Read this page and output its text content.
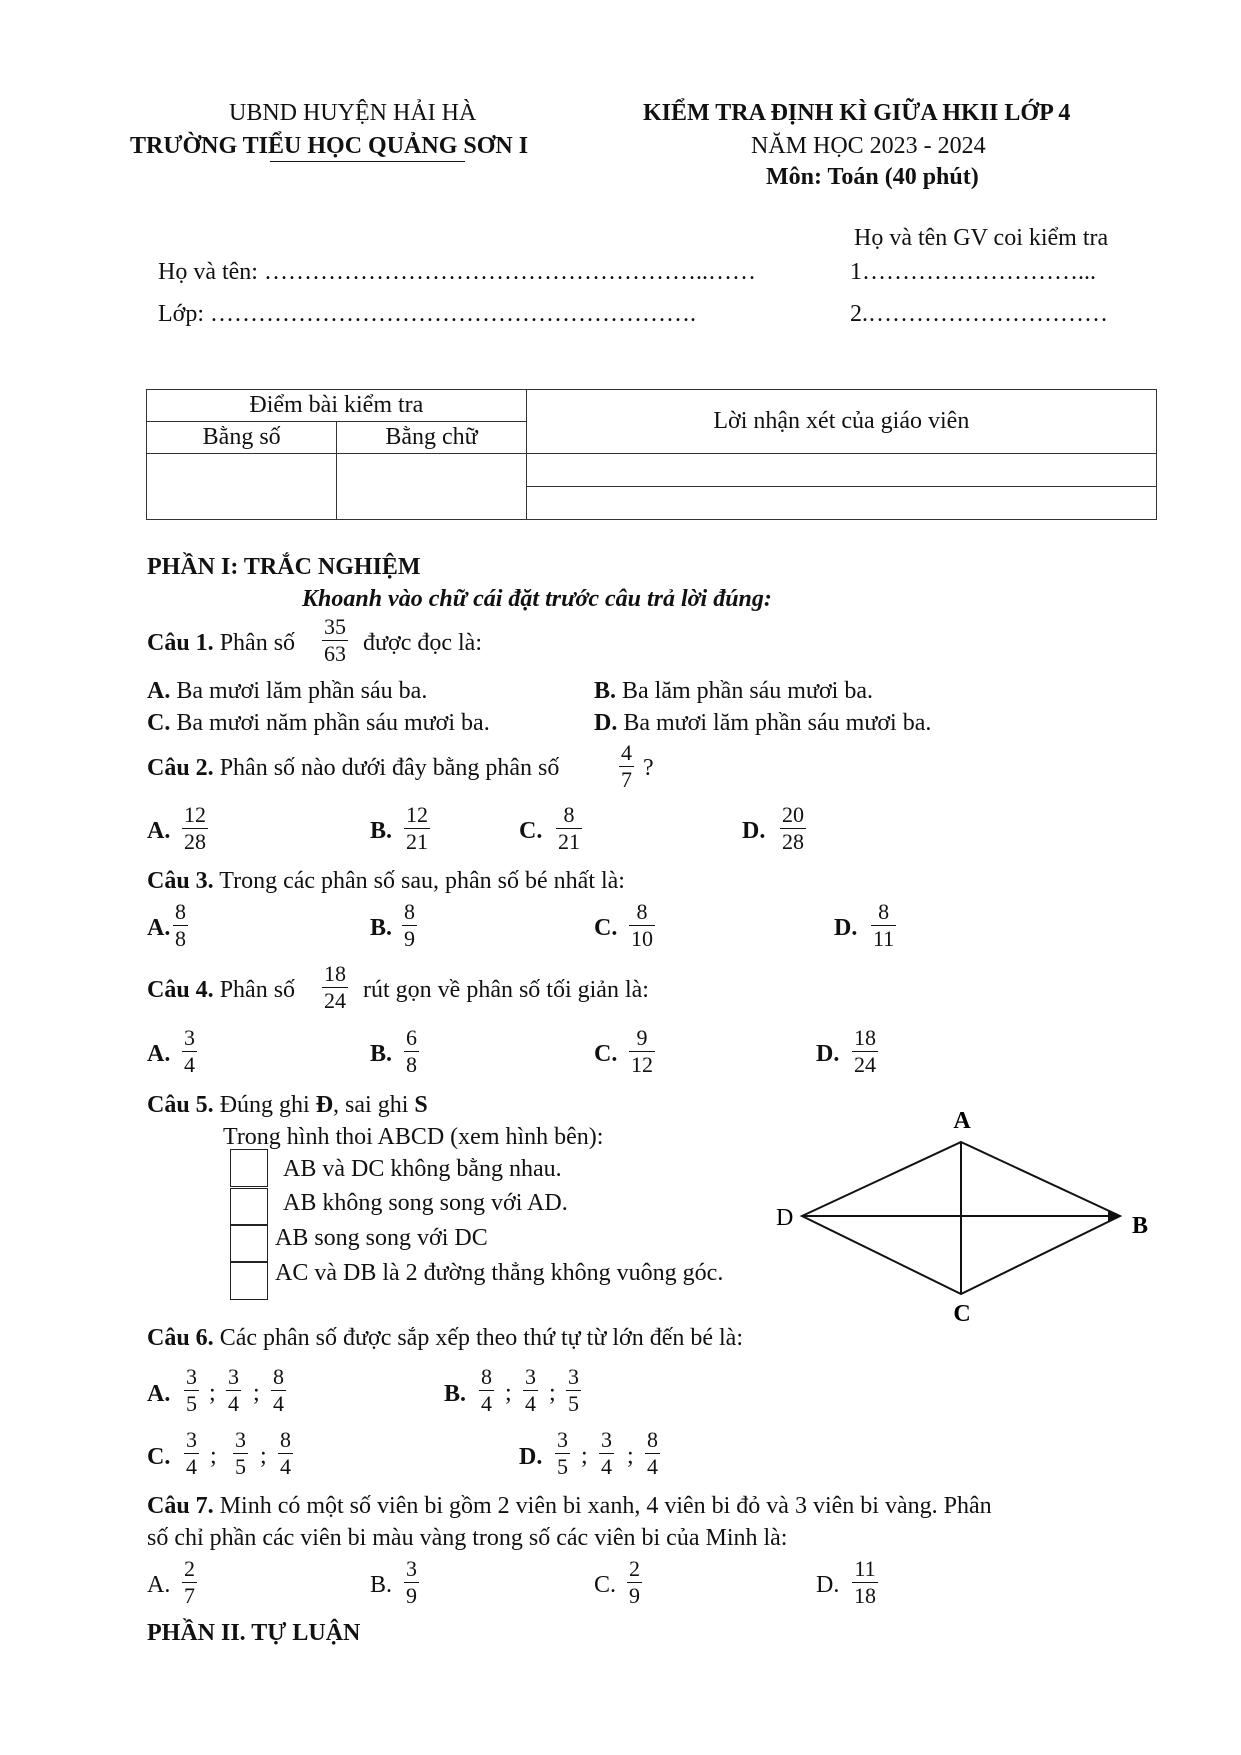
UBND HUYỆN HẢI HÀ
TRƯỜNG TIỂU HỌC QUẢNG SƠN I
KIỂM TRA ĐỊNH KÌ GIỮA HKII LỚP 4
NĂM HỌC 2023 - 2024
Môn: Toán (40 phút)
Họ và tên GV coi kiểm tra
Họ và tên: ………………………………………………..……	1………………………...
Lớp: …………………………………………………….	2.…………………………
Điểm bài kiểm tra		Lời nhận xét của giáo viên
Bằng số	Bằng chữ	

PHẦN I: TRẮC NGHIỆM
Khoanh vào chữ cái đặt trước câu trả lời đúng:
Câu 1. Phân số
35
63 được đọc là:
A. Ba mươi lăm phần sáu ba.	B. Ba lăm phần sáu mươi ba.
C. Ba mươi năm phần sáu mươi ba.	D. Ba mươi lăm phần sáu mươi ba.
Câu 2. Phân số nào dưới đây bằng phân số
4
7 ?
A.
12
28	B.
12
21	C.
8
21	D.
20
28
Câu 3. Trong các phân số sau, phân số bé nhất là:
A.
8
8	B.
8
9	C.
8
10	D.
8
11
Câu 4. Phân số
18
24 rút gọn về phân số tối giản là:
A.
3
4	B.
6
8	C.
9
12	D.
18
24
Câu 5. Đúng ghi Đ, sai ghi S
Trong hình thoi ABCD (xem hình bên):
AB và DC không bằng nhau.
AB không song song với AD.
AB song song với DC
AC và DB là 2 đường thẳng không vuông góc.
A
B
C
D
Câu 6. Các phân số được sắp xếp theo thứ tự từ lớn đến bé là:
A.
3
5 ;
3
4 ;
8
4	B.
8
4 ;
3
4 ;
3
5
C.
3
4 ;
3
5 ;
8
4	D.
3
5 ;
3
4 ;
8
4
Câu 7. Minh có một số viên bi gồm 2 viên bi xanh, 4 viên bi đỏ và 3 viên bi vàng. Phân
số chỉ phần các viên bi màu vàng trong số các viên bi của Minh là:
A.
2
7	B.
3
9	C.
2
9	D.
11
18
PHẦN II. TỰ LUẬN
